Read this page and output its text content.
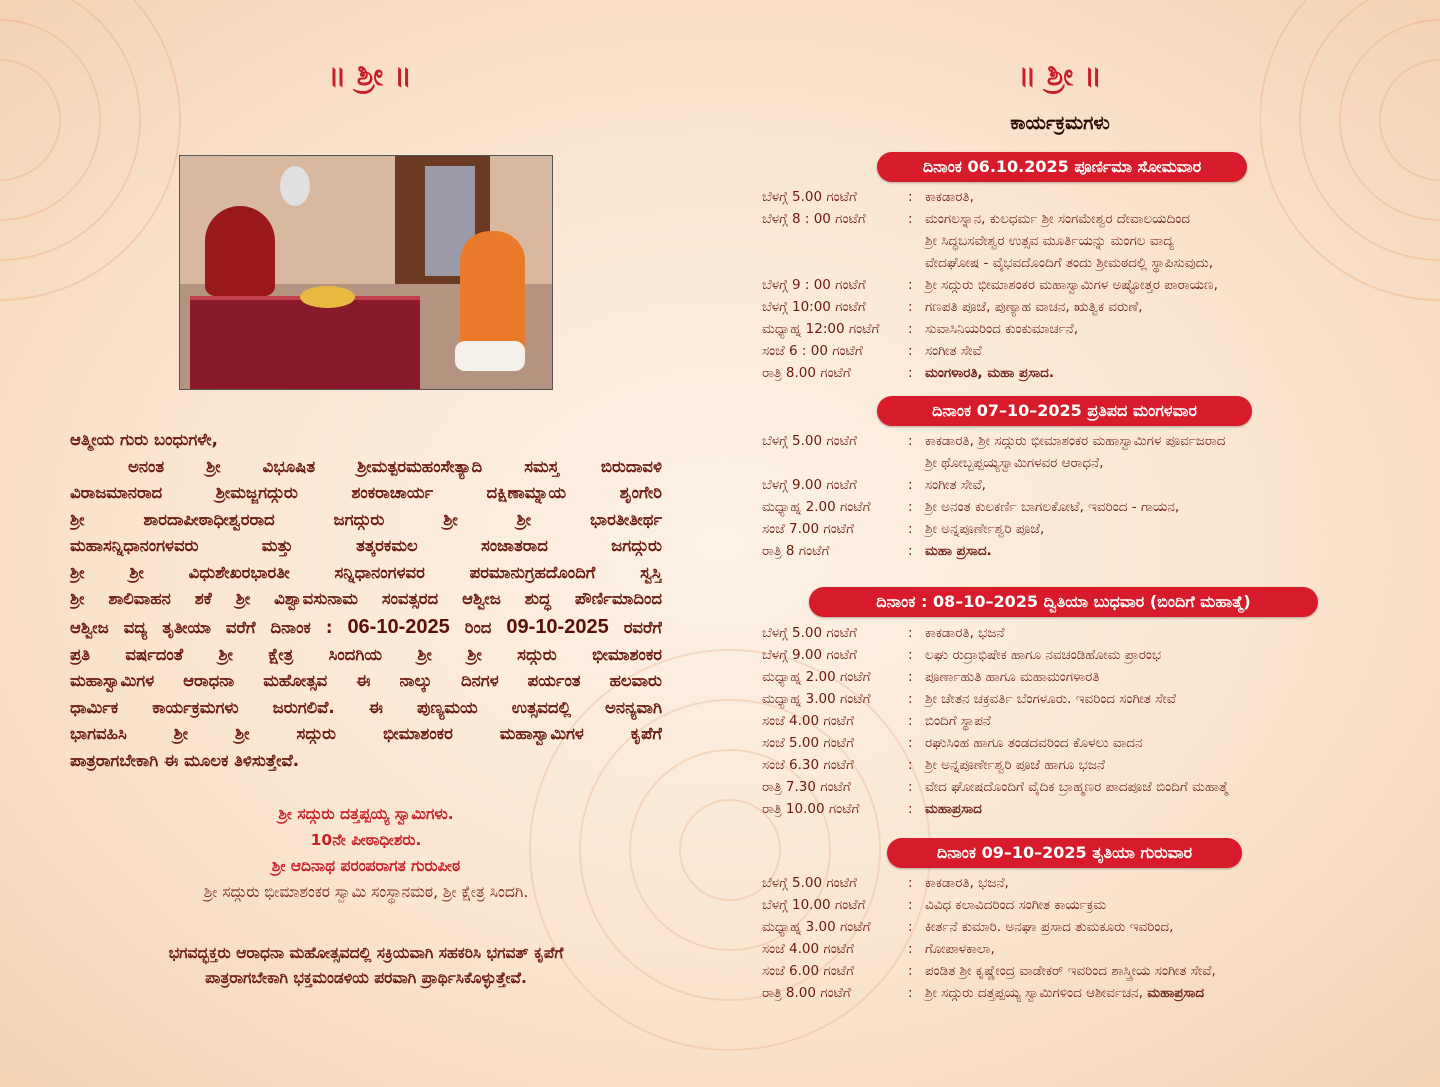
॥ ಶ್ರೀ ॥
ಆತ್ಮೀಯ ಗುರು ಬಂಧುಗಳೇ,
ಅನಂತ ಶ್ರೀ ವಿಭೂಷಿತ ಶ್ರೀಮತ್ಪರಮಹಂಸೇತ್ಯಾದಿ ಸಮಸ್ತ ಬಿರುದಾವಳಿ
ವಿರಾಜಮಾನರಾದ ಶ್ರೀಮಜ್ಜಗದ್ಗುರು ಶಂಕರಾಚಾರ್ಯ ದಕ್ಷಿಣಾಮ್ನಾಯ ಶೃಂಗೇರಿ
ಶ್ರೀ ಶಾರದಾಪೀಠಾಧೀಶ್ವರರಾದ ಜಗದ್ಗುರು ಶ್ರೀ ಶ್ರೀ ಭಾರತೀತೀರ್ಥ
ಮಹಾಸನ್ನಿಧಾನಂಗಳವರು ಮತ್ತು ತತ್ಕರಕಮಲ ಸಂಜಾತರಾದ ಜಗದ್ಗುರು
ಶ್ರೀ ಶ್ರೀ ವಿಧುಶೇಖರಭಾರತೀ ಸನ್ನಿಧಾನಂಗಳವರ ಪರಮಾನುಗ್ರಹದೊಂದಿಗೆ ಸ್ವಸ್ತಿ
ಶ್ರೀ ಶಾಲಿವಾಹನ ಶಕೆ ಶ್ರೀ ವಿಶ್ವಾವಸುನಾಮ ಸಂವತ್ಸರದ ಆಶ್ವೀಜ ಶುದ್ಧ ಪೌರ್ಣಿಮಾದಿಂದ
ಆಶ್ವೀಜ ವದ್ಯ ತೃತೀಯಾ ವರೆಗೆ ದಿನಾಂಕ : 06-10-2025 ರಿಂದ 09-10-2025 ರವರೆಗೆ
ಪ್ರತಿ ವರ್ಷದಂತೆ ಶ್ರೀ ಕ್ಷೇತ್ರ ಸಿಂದಗಿಯ ಶ್ರೀ ಶ್ರೀ ಸದ್ಗುರು ಭೀಮಾಶಂಕರ
ಮಹಾಸ್ವಾಮಿಗಳ ಆರಾಧನಾ ಮಹೋತ್ಸವ ಈ ನಾಲ್ಕು ದಿನಗಳ ಪರ್ಯಂತ ಹಲವಾರು
ಧಾರ್ಮಿಕ ಕಾರ್ಯಕ್ರಮಗಳು ಜರುಗಲಿವೆ. ಈ ಪುಣ್ಯಮಯ ಉತ್ಸವದಲ್ಲಿ ಅನನ್ಯವಾಗಿ
ಭಾಗವಹಿಸಿ ಶ್ರೀ ಶ್ರೀ ಸದ್ಗುರು ಭೀಮಾಶಂಕರ ಮಹಾಸ್ವಾಮಿಗಳ ಕೃಪೆಗೆ
ಪಾತ್ರರಾಗಬೇಕಾಗಿ ಈ ಮೂಲಕ ತಿಳಿಸುತ್ತೇವೆ.
ಶ್ರೀ ಸದ್ಗುರು ದತ್ತಪ್ಪಯ್ಯ ಸ್ವಾಮಿಗಳು.
10ನೇ ಪೀಠಾಧೀಶರು.
ಶ್ರೀ ಆದಿನಾಥ ಪರಂಪರಾಗತ ಗುರುಪೀಠ
ಶ್ರೀ ಸದ್ಗುರು ಭೀಮಾಶಂಕರ ಸ್ವಾಮಿ ಸಂಸ್ಥಾನಮಠ, ಶ್ರೀ ಕ್ಷೇತ್ರ ಸಿಂದಗಿ.
ಭಗವದ್ಭಕ್ತರು ಆರಾಧನಾ ಮಹೋತ್ಸವದಲ್ಲಿ ಸಕ್ರಿಯವಾಗಿ ಸಹಕರಿಸಿ ಭಗವತ್ ಕೃಪೆಗೆ
ಪಾತ್ರರಾಗಬೇಕಾಗಿ ಭಕ್ತಮಂಡಳಿಯ ಪರವಾಗಿ ಪ್ರಾರ್ಥಿಸಿಕೊಳ್ಳುತ್ತೇವೆ.
॥ ಶ್ರೀ ॥
ಕಾರ್ಯಕ್ರಮಗಳು
ದಿನಾಂಕ 06.10.2025 ಪೂರ್ಣಿಮಾ ಸೋಮವಾರ
ಬೆಳಗ್ಗೆ 5.00 ಗಂಟೆಗೆ	: ಕಾಕಡಾರತಿ,
ಬೆಳಗ್ಗೆ 8 : 00 ಗಂಟೆಗೆ	: ಮಂಗಲಸ್ನಾನ, ಕುಲಧರ್ಮ ಶ್ರೀ ಸಂಗಮೇಶ್ವರ ದೇವಾಲಯದಿಂದ
ಶ್ರೀ ಸಿದ್ಧಬಸವೇಶ್ವರ ಉತ್ಸವ ಮೂರ್ತಿಯನ್ನು ಮಂಗಲ ವಾದ್ಯ
ವೇದಘೋಷ - ವೈಭವದೊಂದಿಗೆ ತಂದು ಶ್ರೀಮಠದಲ್ಲಿ ಸ್ಥಾಪಿಸುವುದು,
ಬೆಳಗ್ಗೆ 9 : 00 ಗಂಟೆಗೆ	: ಶ್ರೀ ಸದ್ಗುರು ಭೀಮಾಶಂಕರ ಮಹಾಸ್ವಾಮಿಗಳ ಅಷ್ಟೋತ್ತರ ಪಾರಾಯಣ,
ಬೆಳಗ್ಗೆ 10:00 ಗಂಟೆಗೆ	: ಗಣಪತಿ ಪೂಜೆ, ಪುಣ್ಯಾಹ ವಾಚನ, ಋತ್ವಿಕ ವರುಣೆ,
ಮಧ್ಯಾಹ್ನ 12:00 ಗಂಟೆಗೆ	: ಸುವಾಸಿನಿಯರಿಂದ ಕುಂಕುಮಾರ್ಚನೆ,
ಸಂಜೆ 6 : 00 ಗಂಟೆಗೆ	: ಸಂಗೀತ ಸೇವೆ
ರಾತ್ರಿ 8.00 ಗಂಟೆಗೆ	: ಮಂಗಳಾರತಿ, ಮಹಾ ಪ್ರಸಾದ.
ದಿನಾಂಕ 07–10–2025 ಪ್ರತಿಪದ ಮಂಗಳವಾರ
ಬೆಳಗ್ಗೆ 5.00 ಗಂಟೆಗೆ	: ಕಾಕಡಾರತಿ, ಶ್ರೀ ಸದ್ಗುರು ಭೀಮಾಶಂಕರ ಮಹಾಸ್ವಾಮಿಗಳ ಪೂರ್ವಜರಾದ
ಶ್ರೀ ಥೋಬ್ಬಪ್ಪಯ್ಯಸ್ವಾಮಿಗಳವರ ಆರಾಧನೆ,
ಬೆಳಗ್ಗೆ 9.00 ಗಂಟೆಗೆ	: ಸಂಗೀತ ಸೇವೆ,
ಮಧ್ಯಾಹ್ನ 2.00 ಗಂಟೆಗೆ	: ಶ್ರೀ ಅನಂತ ಕುಲಕರ್ಣಿ ಬಾಗಲಕೋಟೆ, ಇವರಿಂದ - ಗಾಯನ,
ಸಂಜೆ 7.00 ಗಂಟೆಗೆ	: ಶ್ರೀ ಅನ್ನಪೂರ್ಣೇಶ್ವರಿ ಪೂಜೆ,
ರಾತ್ರಿ 8 ಗಂಟೆಗೆ	: ಮಹಾ ಪ್ರಸಾದ.
ದಿನಾಂಕ : 08–10–2025 ದ್ವಿತಿಯಾ ಬುಧವಾರ (ಬಿಂದಿಗೆ ಮಹಾತ್ಮೆ)
ಬೆಳಗ್ಗೆ 5.00 ಗಂಟೆಗೆ	: ಕಾಕಡಾರತಿ, ಭಜನೆ
ಬೆಳಗ್ಗೆ 9.00 ಗಂಟೆಗೆ	: ಲಘು ರುದ್ರಾಭಿಷೇಕ ಹಾಗೂ ನವಚಂಡಿಹೋಮ ಪ್ರಾರಂಭ
ಮಧ್ಯಾಹ್ನ 2.00 ಗಂಟೆಗೆ	: ಪೂರ್ಣಾಹುತಿ ಹಾಗೂ ಮಹಾಮಂಗಳಾರತಿ
ಮಧ್ಯಾಹ್ನ 3.00 ಗಂಟೆಗೆ	: ಶ್ರೀ ಚೇತನ ಚಕ್ರವರ್ತಿ ಬೆಂಗಳೂರು. ಇವರಿಂದ ಸಂಗೀತ ಸೇವೆ
ಸಂಜೆ 4.00 ಗಂಟೆಗೆ	: ಬಿಂದಿಗೆ ಸ್ಥಾಪನೆ
ಸಂಜೆ 5.00 ಗಂಟೆಗೆ	: ರಘುಸಿಂಹ ಹಾಗೂ ತಂಡದವರಿಂದ ಕೊಳಲು ವಾದನ
ಸಂಜೆ 6.30 ಗಂಟೆಗೆ	: ಶ್ರೀ ಅನ್ನಪೂರ್ಣೇಶ್ವರಿ ಪೂಜೆ ಹಾಗೂ ಭಜನೆ
ರಾತ್ರಿ 7.30 ಗಂಟೆಗೆ	: ವೇದ ಘೋಷದೊಂದಿಗೆ ವೈದಿಕ ಬ್ರಾಹ್ಮಣರ ಪಾದಪೂಜೆ ಬಿಂದಿಗೆ ಮಹಾತ್ಮೆ
ರಾತ್ರಿ 10.00 ಗಂಟೆಗೆ	: ಮಹಾಪ್ರಸಾದ
ದಿನಾಂಕ 09–10–2025 ತೃತಿಯಾ ಗುರುವಾರ
ಬೆಳಗ್ಗೆ 5.00 ಗಂಟೆಗೆ	: ಕಾಕಡಾರತಿ, ಭಜನೆ,
ಬೆಳಗ್ಗೆ 10.00 ಗಂಟೆಗೆ	: ವಿವಿಧ ಕಲಾವಿದರಿಂದ ಸಂಗೀತ ಕಾರ್ಯಕ್ರಮ
ಮಧ್ಯಾಹ್ನ 3.00 ಗಂಟೆಗೆ	: ಕೀರ್ತನೆ ಕುಮಾರಿ. ಅನಘಾ ಪ್ರಸಾದ ತುಮಕೂರು ಇವರಿಂದ,
ಸಂಜೆ 4.00 ಗಂಟೆಗೆ	: ಗೋಪಾಳಕಾಲಾ,
ಸಂಜೆ 6.00 ಗಂಟೆಗೆ	: ಪಂಡಿತ ಶ್ರೀ ಕೃಷ್ಣೇಂದ್ರ ವಾಡೇಕರ್ ಇವರಿಂದ ಶಾಸ್ತ್ರೀಯ ಸಂಗೀತ ಸೇವೆ,
ರಾತ್ರಿ 8.00 ಗಂಟೆಗೆ	: ಶ್ರೀ ಸದ್ಗುರು ದತ್ತಪ್ಪಯ್ಯ ಸ್ವಾಮಿಗಳಿಂದ ಆಶೀರ್ವಚನ, ಮಹಾಪ್ರಸಾದ
